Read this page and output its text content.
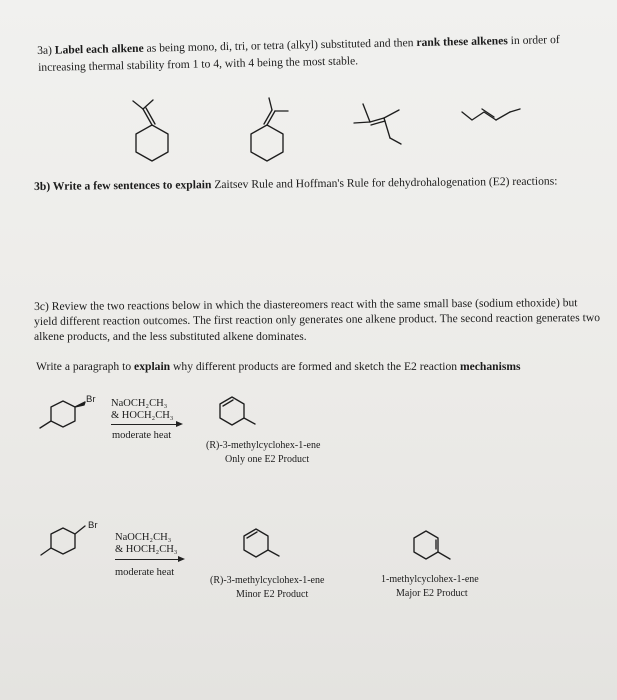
3a) Label each alkene as being mono, di, tri, or tetra (alkyl) substituted and then rank these alkenes in order of
increasing thermal stability from 1 to 4, with 4 being the most stable.
3b) Write a few sentences to explain Zaitsev Rule and Hoffman's Rule for dehydrohalogenation (E2) reactions:
3c) Review the two reactions below in which the diastereomers react with the same small base (sodium ethoxide) but
yield different reaction outcomes. The first reaction only generates one alkene product. The second reaction generates two
alkene products, and the less substituted alkene dominates.
Write a paragraph to explain why different products are formed and sketch the E2 reaction mechanisms
Br NaOCH₂CH₃
& HOCH₂CH₃
moderate heat
(R)-3-methylcyclohex-1-ene
Only one E2 Product
Br
NaOCH₂CH₃
& HOCH₂CH₃
moderate heat
(R)-3-methylcyclohex-1-ene
Minor E2 Product
1-methylcyclohex-1-ene
Major E2 Product
